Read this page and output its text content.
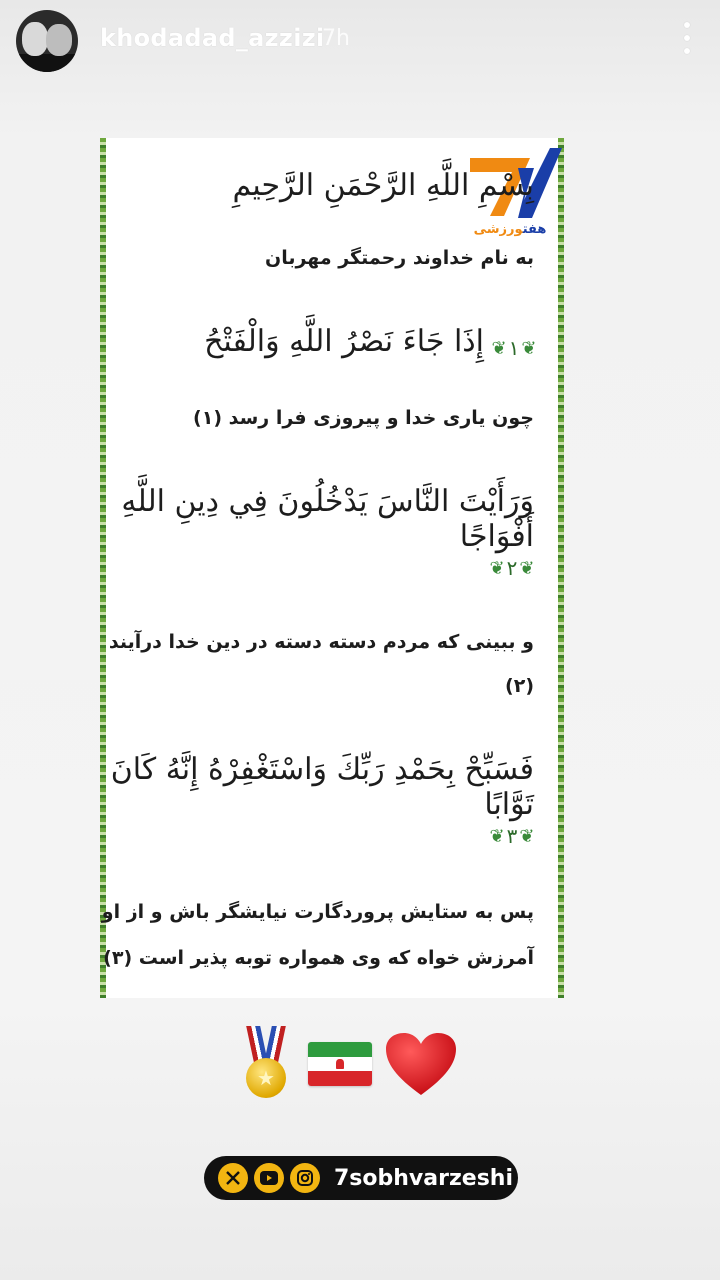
khodadad_azzizi
7h
بِسْمِ اللَّهِ الرَّحْمَنِ الرَّحِيمِ
به نام خداوند رحمتگر مهربان
إِذَا جَاءَ نَصْرُ اللَّهِ وَالْفَتْحُ
❦	١ ❦
چون یاری خدا و پیروزی فرا رسد (۱)
وَرَأَيْتَ النَّاسَ يَدْخُلُونَ فِي دِينِ اللَّهِ أَفْوَاجًا
❦ ٢ ❦
و ببینی که مردم دسته دسته در دین خدا درآیند
(۲)
فَسَبِّحْ بِحَمْدِ رَبِّكَ وَاسْتَغْفِرْهُ إِنَّهُ كَانَ تَوَّابًا
❦ ٣ ❦
پس به ستایش پروردگارت نیایشگر باش و از او
آمرزش خواه که وی همواره توبه پذیر است (۳)
هفتورزشی
★
7sobhvarzeshi
